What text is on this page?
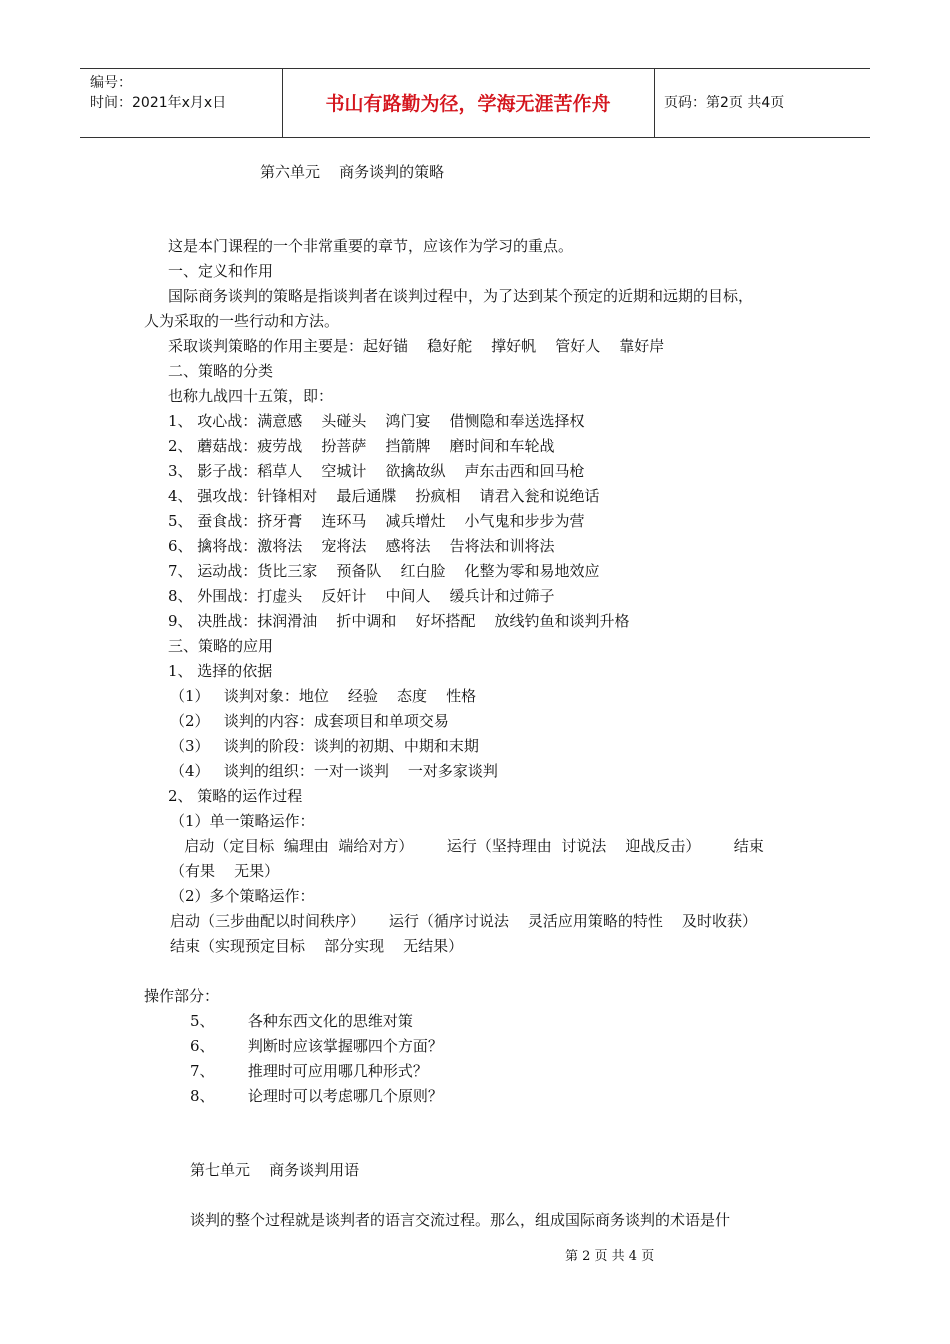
编号：
时间：2021年x月x日	书山有路勤为径，学海无涯苦作舟	页码：第2页 共4页
第六单元    商务谈判的策略
这是本门课程的一个非常重要的章节，应该作为学习的重点。
一、定义和作用
国际商务谈判的策略是指谈判者在谈判过程中，为了达到某个预定的近期和远期的目标，
人为采取的一些行动和方法。
采取谈判策略的作用主要是：起好锚    稳好舵    撑好帆    管好人    靠好岸
二、策略的分类
也称九战四十五策，即：
1、 攻心战：满意感    头碰头    鸿门宴    借恻隐和奉送选择权
2、 蘑菇战：疲劳战    扮菩萨    挡箭牌    磨时间和车轮战
3、 影子战：稻草人    空城计    欲擒故纵    声东击西和回马枪
4、 强攻战：针锋相对    最后通牒    扮疯相    请君入瓮和说绝话
5、 蚕食战：挤牙膏    连环马    减兵增灶    小气鬼和步步为营
6、 擒将战：激将法    宠将法    感将法    告将法和训将法
7、 运动战：货比三家    预备队    红白脸    化整为零和易地效应
8、 外围战：打虚头    反奸计    中间人    缓兵计和过筛子
9、 决胜战：抹润滑油    折中调和    好坏搭配    放线钓鱼和谈判升格
三、策略的应用
1、 选择的依据
（1）   谈判对象：地位    经验    态度    性格
（2）   谈判的内容：成套项目和单项交易
（3）   谈判的阶段：谈判的初期、中期和末期
（4）   谈判的组织：一对一谈判    一对多家谈判
2、 策略的运作过程
（1）单一策略运作：
启动（定目标  编理由  端给对方）       运行（坚持理由  讨说法    迎战反击）       结束
（有果    无果）
（2）多个策略运作：
启动（三步曲配以时间秩序）     运行（循序讨说法    灵活应用策略的特性    及时收获）
结束（实现预定目标    部分实现    无结果）
操作部分：
5、       各种东西文化的思维对策
6、       判断时应该掌握哪四个方面？
7、       推理时可应用哪几种形式？
8、       论理时可以考虑哪几个原则？
第七单元    商务谈判用语
谈判的整个过程就是谈判者的语言交流过程。那么，组成国际商务谈判的术语是什
第 2 页 共 4 页
